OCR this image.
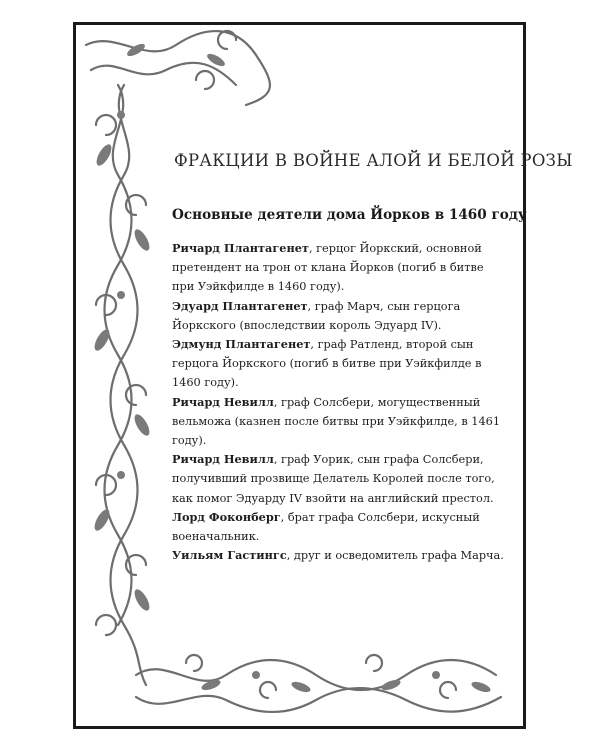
ФРАКЦИИ В ВОЙНЕ АЛОЙ И БЕЛОЙ РОЗЫ
Основные деятели дома Йорков в 1460 году

Ричард Плантагенет, герцог Йоркский, основной претендент на трон от клана Йорков (погиб в битве при Уэйкфилде в 1460 году).

Эдуард Плантагенет, граф Марч, сын герцога Йоркского (впоследствии король Эдуард IV).

Эдмунд Плантагенет, граф Ратленд, второй сын герцога Йоркского (погиб в битве при Уэйкфилде в 1460 году).

Ричард Невилл, граф Солсбери, могущественный вельможа (казнен после битвы при Уэйкфилде, в 1461 году).

Ричард Невилл, граф Уорик, сын графа Солсбери, получивший прозвище Делатель Королей после того, как помог Эдуарду IV взойти на английский престол.

Лорд Фоконберг, брат графа Солсбери, искусный военачальник.

Уильям Гастингс, друг и осведомитель графа Марча.
